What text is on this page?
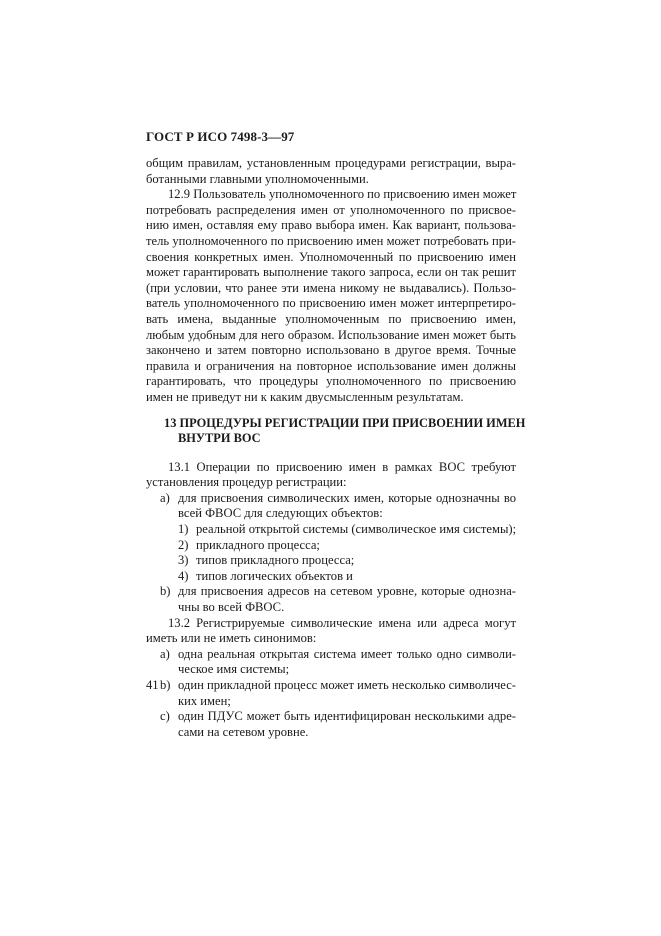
ГОСТ Р ИСО 7498-3—97
общим правилам, установленным процедурами регистрации, выра-
ботанными главными уполномоченными.
12.9 Пользователь уполномоченного по присвоению имен может
потребовать распределения имен от уполномоченного по присвое-
нию имен, оставляя ему право выбора имен. Как вариант, пользова-
тель уполномоченного по присвоению имен может потребовать при-
своения конкретных имен. Уполномоченный по присвоению имен
может гарантировать выполнение такого запроса, если он так решит
(при условии, что ранее эти имена никому не выдавались). Пользо-
ватель уполномоченного по присвоению имен может интерпретиро-
вать имена, выданные уполномоченным по присвоению имен,
любым удобным для него образом. Использование имен может быть
закончено и затем повторно использовано в другое время. Точные
правила и ограничения на повторное использование имен должны
гарантировать, что процедуры уполномоченного по присвоению
имен не приведут ни к каким двусмысленным результатам.
13 ПРОЦЕДУРЫ РЕГИСТРАЦИИ ПРИ ПРИСВОЕНИИ ИМЕН
ВНУТРИ ВОС
13.1 Операции по присвоению имен в рамках ВОС требуют
установления процедур регистрации:
a) для присвоения символических имен, которые однозначны во
всей ФВОС для следующих объектов:
1) реальной открытой системы (символическое имя системы);
2) прикладного процесса;
3) типов прикладного процесса;
4) типов логических объектов и
b) для присвоения адресов на сетевом уровне, которые однозна-
чны во всей ФВОС.
13.2 Регистрируемые символические имена или адреса могут
иметь или не иметь синонимов:
a) одна реальная открытая система имеет только одно символи-
ческое имя системы;
b) один прикладной процесс может иметь несколько символичес-
ких имен;
c) один ПДУС может быть идентифицирован несколькими адре-
сами на сетевом уровне.
41
